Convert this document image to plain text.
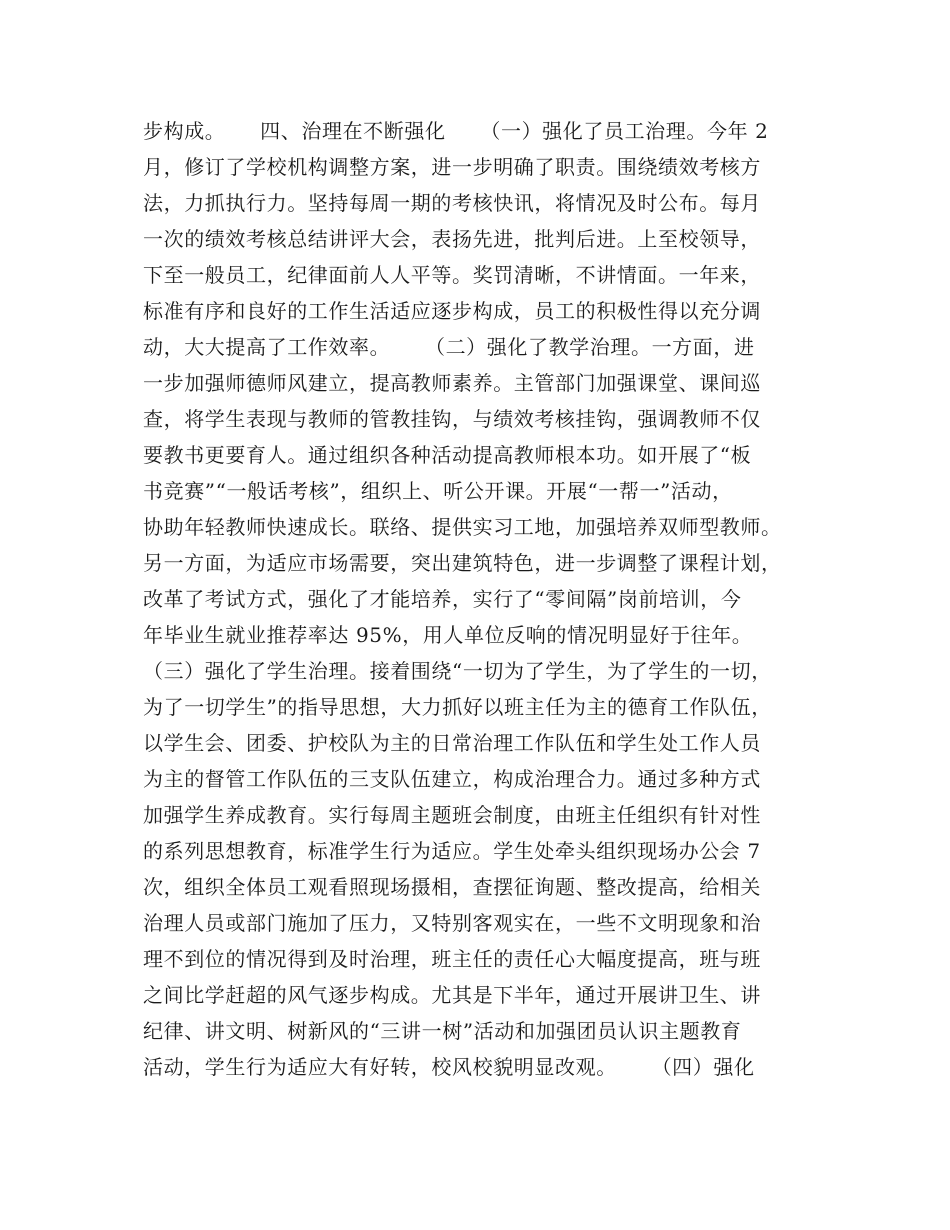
步构成。     四、治理在不断强化     （一）强化了员工治理。今年 2
月，修订了学校机构调整方案，进一步明确了职责。围绕绩效考核方
法，力抓执行力。坚持每周一期的考核快讯，将情况及时公布。每月
一次的绩效考核总结讲评大会，表扬先进，批判后进。上至校领导，
下至一般员工，纪律面前人人平等。奖罚清晰，不讲情面。一年来，
标准有序和良好的工作生活适应逐步构成，员工的积极性得以充分调
动，大大提高了工作效率。     （二）强化了教学治理。一方面，进
一步加强师德师风建立，提高教师素养。主管部门加强课堂、课间巡
查，将学生表现与教师的管教挂钩，与绩效考核挂钩，强调教师不仅
要教书更要育人。通过组织各种活动提高教师根本功。如开展了“板
书竞赛”“一般话考核”，组织上、听公开课。开展“一帮一”活动，
协助年轻教师快速成长。联络、提供实习工地，加强培养双师型教师。
另一方面，为适应市场需要，突出建筑特色，进一步调整了课程计划，
改革了考试方式，强化了才能培养，实行了“零间隔”岗前培训，今
年毕业生就业推荐率达 95%，用人单位反响的情况明显好于往年。
（三）强化了学生治理。接着围绕“一切为了学生，为了学生的一切，
为了一切学生”的指导思想，大力抓好以班主任为主的德育工作队伍，
以学生会、团委、护校队为主的日常治理工作队伍和学生处工作人员
为主的督管工作队伍的三支队伍建立，构成治理合力。通过多种方式
加强学生养成教育。实行每周主题班会制度，由班主任组织有针对性
的系列思想教育，标准学生行为适应。学生处牵头组织现场办公会 7
次，组织全体员工观看照现场摄相，查摆征询题、整改提高，给相关
治理人员或部门施加了压力，又特别客观实在，一些不文明现象和治
理不到位的情况得到及时治理，班主任的责任心大幅度提高，班与班
之间比学赶超的风气逐步构成。尤其是下半年，通过开展讲卫生、讲
纪律、讲文明、树新风的“三讲一树”活动和加强团员认识主题教育
活动，学生行为适应大有好转，校风校貌明显改观。     （四）强化
